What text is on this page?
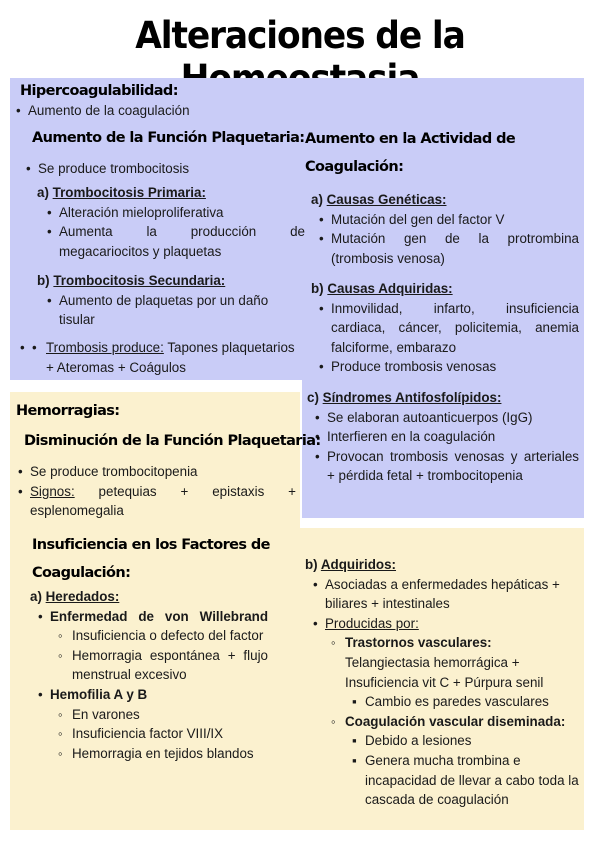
Alteraciones de la
Hipercoagulabilidad:
• Aumento de la coagulación
Aumento de la Función Plaquetaria:
• Se produce trombocitosis
a) Trombocitosis Primaria:
• Alteración mieloproliferativa
• Aumenta la producción de megacariocitos y plaquetas
b) Trombocitosis Secundaria:
• Aumento de plaquetas por un daño tisular
• • Trombosis produce: Tapones plaquetarios + Ateromas + Coágulos
Aumento en la Actividad de Coagulación:
a) Causas Genéticas:
• Mutación del gen del factor V
• Mutación gen de la protrombina (trombosis venosa)
b) Causas Adquiridas:
• Inmovilidad, infarto, insuficiencia cardiaca, cáncer, policitemia, anemia falciforme, embarazo
• Produce trombosis venosas
c) Síndromes Antifosfolípidos:
• Se elaboran autoanticuerpos (IgG)
• Interfieren en la coagulación
• Provocan trombosis venosas y arteriales + pérdida fetal + trombocitopenia
Hemorragias:
Disminución de la Función Plaquetaria:
• Se produce trombocitopenia
• Signos: petequias + epistaxis + esplenomegalia
Insuficiencia en los Factores de Coagulación:
a) Heredados:
• Enfermedad de von Willebrand
◦ Insuficiencia o defecto del factor
◦ Hemorragia espontánea + flujo menstrual excesivo
• Hemofilia A y B
◦ En varones
◦ Insuficiencia factor VIII/IX
◦ Hemorragia en tejidos blandos
b) Adquiridos:
• Asociadas a enfermedades hepáticas + biliares + intestinales
• Producidas por:
◦ Trastornos vasculares:
Telangiectasia hemorrágica + Insuficiencia vit C + Púrpura senil
▪ Cambio es paredes vasculares
◦ Coagulación vascular diseminada:
▪ Debido a lesiones
▪ Genera mucha trombina e incapacidad de llevar a cabo toda la cascada de coagulación
